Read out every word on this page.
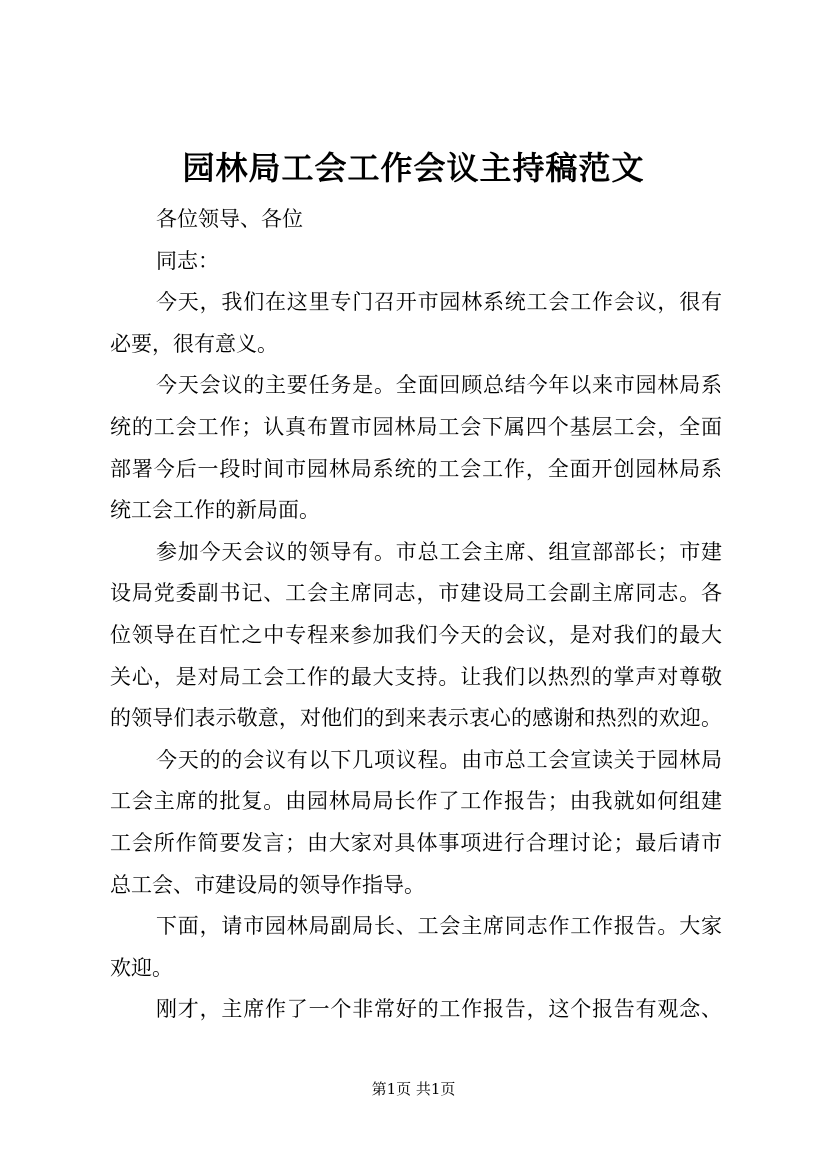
园林局工会工作会议主持稿范文
各位领导、各位
同志：
今天，我们在这里专门召开市园林系统工会工作会议，很有
必要，很有意义。
今天会议的主要任务是。全面回顾总结今年以来市园林局系
统的工会工作；认真布置市园林局工会下属四个基层工会，全面
部署今后一段时间市园林局系统的工会工作，全面开创园林局系
统工会工作的新局面。
参加今天会议的领导有。市总工会主席、组宣部部长；市建
设局党委副书记、工会主席同志，市建设局工会副主席同志。各
位领导在百忙之中专程来参加我们今天的会议，是对我们的最大
关心，是对局工会工作的最大支持。让我们以热烈的掌声对尊敬
的领导们表示敬意，对他们的到来表示衷心的感谢和热烈的欢迎。
今天的的会议有以下几项议程。由市总工会宣读关于园林局
工会主席的批复。由园林局局长作了工作报告；由我就如何组建
工会所作简要发言；由大家对具体事项进行合理讨论；最后请市
总工会、市建设局的领导作指导。
下面，请市园林局副局长、工会主席同志作工作报告。大家
欢迎。
刚才，主席作了一个非常好的工作报告，这个报告有观念、
第1页 共1页
